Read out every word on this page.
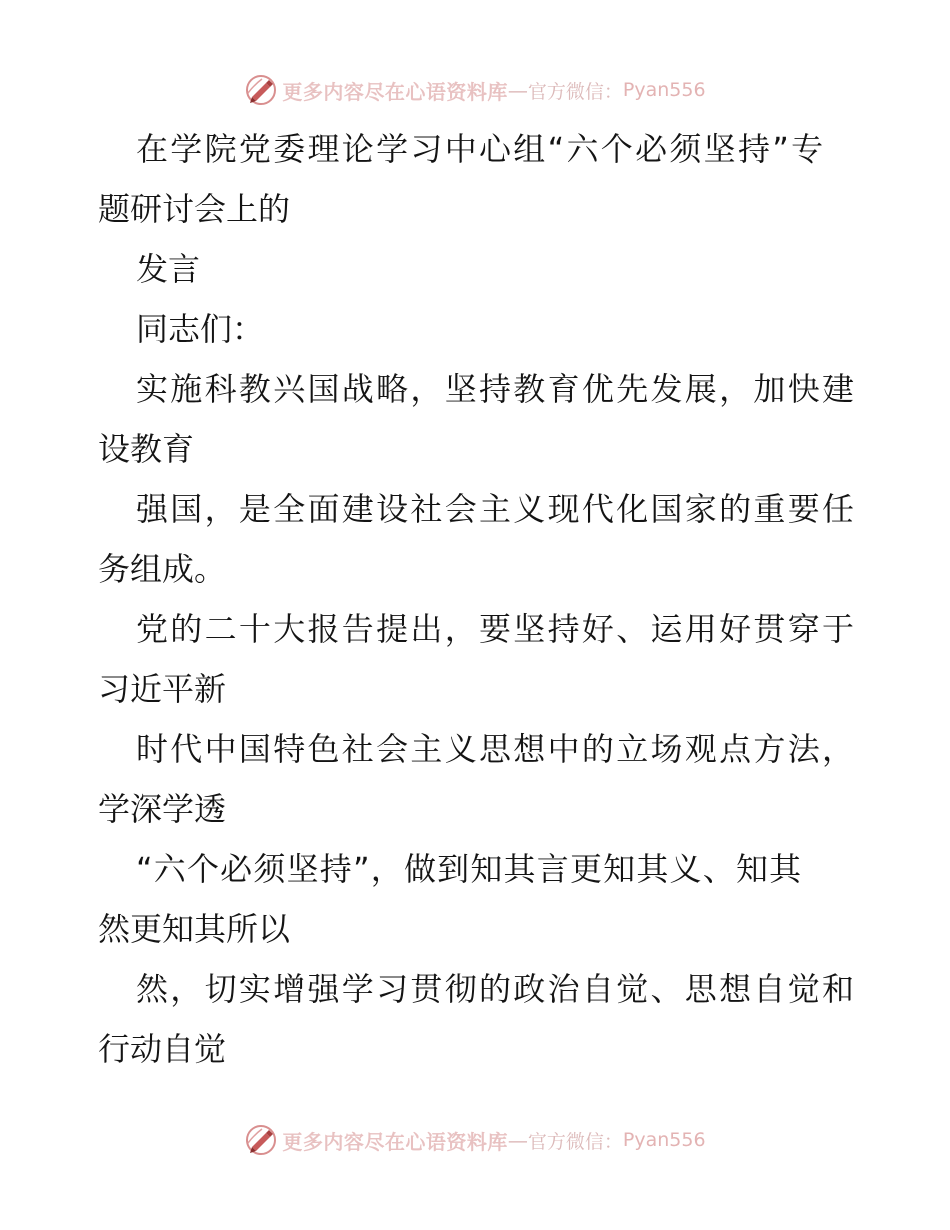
更多内容尽在心语资料库 — 官方微信： Pyan556
在学院党委理论学习中心组“六个必须坚持”专
题研讨会上的
发言
同志们：
实施科教兴国战略，坚持教育优先发展，加快建
设教育
强国，是全面建设社会主义现代化国家的重要任
务组成。
党的二十大报告提出，要坚持好、运用好贯穿于
习近平新
时代中国特色社会主义思想中的立场观点方法，
学深学透
“六个必须坚持”，做到知其言更知其义、知其
然更知其所以
然，切实增强学习贯彻的政治自觉、思想自觉和
行动自觉
更多内容尽在心语资料库 — 官方微信： Pyan556
